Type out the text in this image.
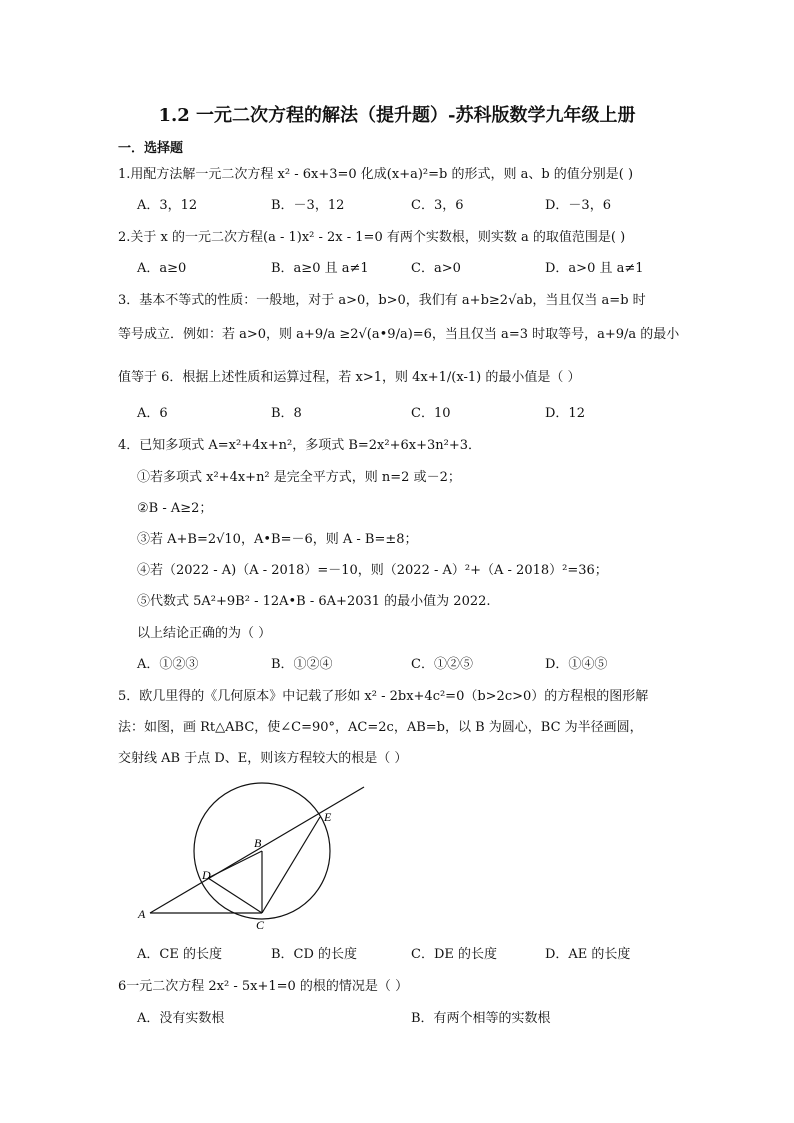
1.2 一元二次方程的解法（提升题）-苏科版数学九年级上册
一．选择题
1.用配方法解一元二次方程 x² - 6x+3=0 化成(x+a)²=b 的形式，则 a、b 的值分别是( )
A．3，12	B．－3，12	C．3，6	D．－3，6
2.关于 x 的一元二次方程(a - 1)x² - 2x - 1=0 有两个实数根，则实数 a 的取值范围是( )
A．a≥0	B．a≥0 且 a≠1	C．a>0	D．a>0 且 a≠1
3．基本不等式的性质：一般地，对于 a>0，b>0，我们有 a+b≥2√ab，当且仅当 a=b 时
等号成立．例如：若 a>0，则 a+9/a ≥2√(a•9/a)=6，当且仅当 a=3 时取等号，a+9/a 的最小
值等于 6．根据上述性质和运算过程，若 x>1，则 4x+1/(x-1) 的最小值是（ ）
A．6	B．8	C．10	D．12
4．已知多项式 A=x²+4x+n²，多项式 B=2x²+6x+3n²+3．
①若多项式 x²+4x+n² 是完全平方式，则 n=2 或－2；
②B - A≥2；
③若 A+B=2√10，A•B=－6，则 A - B=±8；
④若（2022 - A)（A - 2018）=－10，则（2022 - A）²+（A - 2018）²=36；
⑤代数式 5A²+9B² - 12A•B - 6A+2031 的最小值为 2022.
以上结论正确的为（ ）
A．①②③	B．①②④	C．①②⑤	D．①④⑤
5．欧几里得的《几何原本》中记载了形如 x² - 2bx+4c²=0（b>2c>0）的方程根的图形解
法：如图，画 Rt△ABC，使∠C=90°，AC=2c，AB=b，以 B 为圆心，BC 为半径画圆，
交射线 AB 于点 D、E，则该方程较大的根是（ ）
A
B
C
D
E
A．CE 的长度	B．CD 的长度	C．DE 的长度	D．AE 的长度
6一元二次方程 2x² - 5x+1=0 的根的情况是（ ）
A．没有实数根	B．有两个相等的实数根
